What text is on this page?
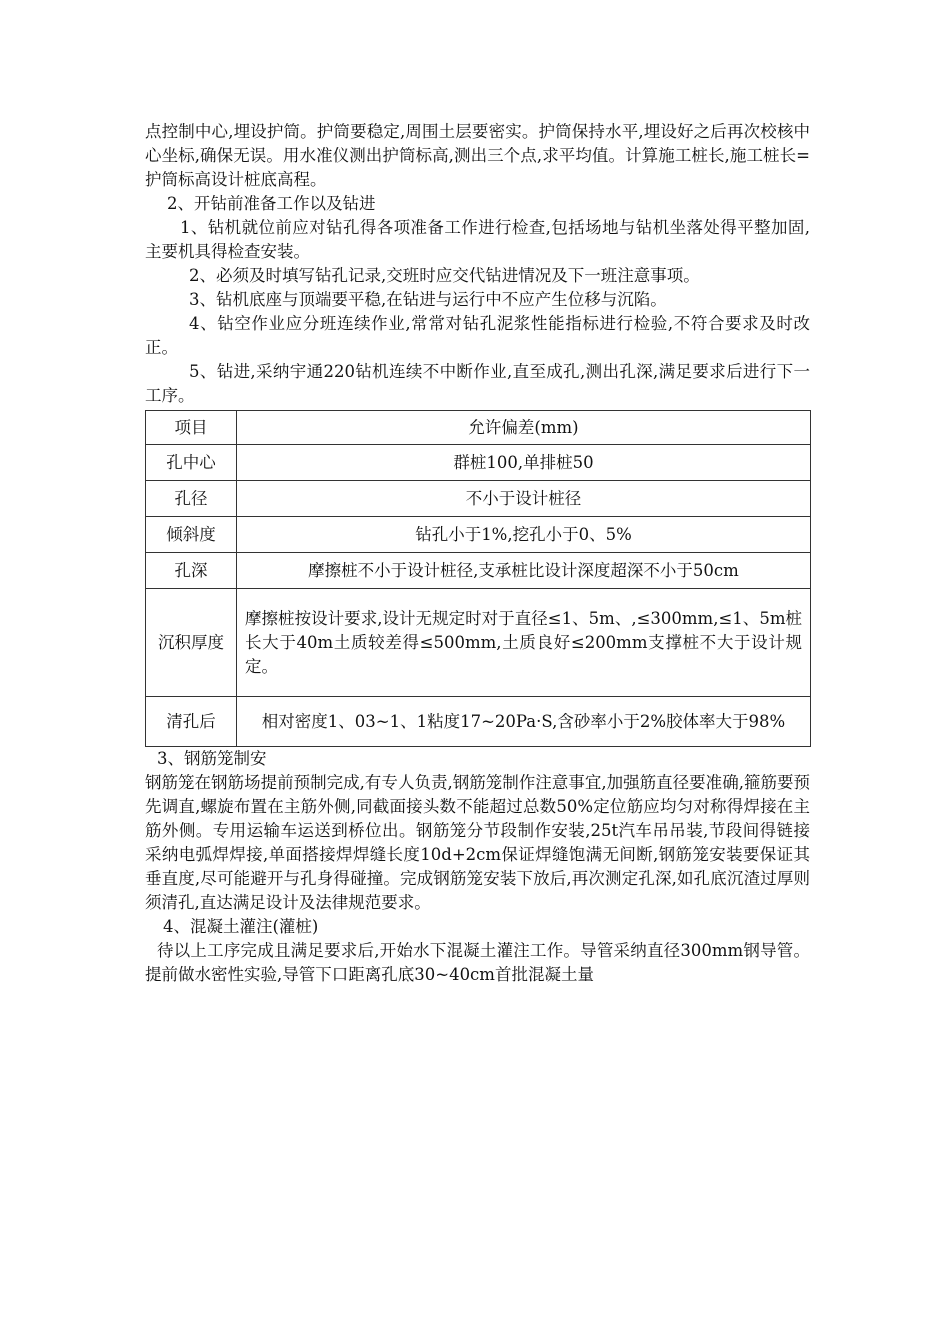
点控制中心,埋设护筒。护筒要稳定,周围土层要密实。护筒保持水平,埋设好之后再次校核中心坐标,确保无误。用水准仪测出护筒标高,测出三个点,求平均值。计算施工桩长,施工桩长=护筒标高设计桩底高程。

2、开钻前准备工作以及钻进

1、钻机就位前应对钻孔得各项准备工作进行检查,包括场地与钻机坐落处得平整加固,主要机具得检查安装。

2、必须及时填写钻孔记录,交班时应交代钻进情况及下一班注意事项。

3、钻机底座与顶端要平稳,在钻进与运行中不应产生位移与沉陷。

4、钻空作业应分班连续作业,常常对钻孔泥浆性能指标进行检验,不符合要求及时改正。

5、钻进,采纳宇通220钻机连续不中断作业,直至成孔,测出孔深,满足要求后进行下一工序。

项目	允许偏差(mm)
孔中心	群桩100,单排桩50
孔径	不小于设计桩径
倾斜度	钻孔小于1%,挖孔小于0、5%
孔深	摩擦桩不小于设计桩径,支承桩比设计深度超深不小于50cm
沉积厚度	摩擦桩按设计要求,设计无规定时对于直径≤1、5m、,≤300mm,≤1、5m桩长大于40m土质较差得≤500mm,土质良好≤200mm支撑桩不大于设计规定。
清孔后	相对密度1、03~1、1粘度17~20Pa·S,含砂率小于2%胶体率大于98%

3、钢筋笼制安

钢筋笼在钢筋场提前预制完成,有专人负责,钢筋笼制作注意事宜,加强筋直径要准确,箍筋要预先调直,螺旋布置在主筋外侧,同截面接头数不能超过总数50%定位筋应均匀对称得焊接在主筋外侧。专用运输车运送到桥位出。钢筋笼分节段制作安装,25t汽车吊吊装,节段间得链接采纳电弧焊焊接,单面搭接焊焊缝长度10d+2cm保证焊缝饱满无间断,钢筋笼安装要保证其垂直度,尽可能避开与孔身得碰撞。完成钢筋笼安装下放后,再次测定孔深,如孔底沉渣过厚则须清孔,直达满足设计及法律规范要求。

4、混凝土灌注(灌桩)

待以上工序完成且满足要求后,开始水下混凝土灌注工作。导管采纳直径300mm钢导管。提前做水密性实验,导管下口距离孔底30~40cm首批混凝土量
